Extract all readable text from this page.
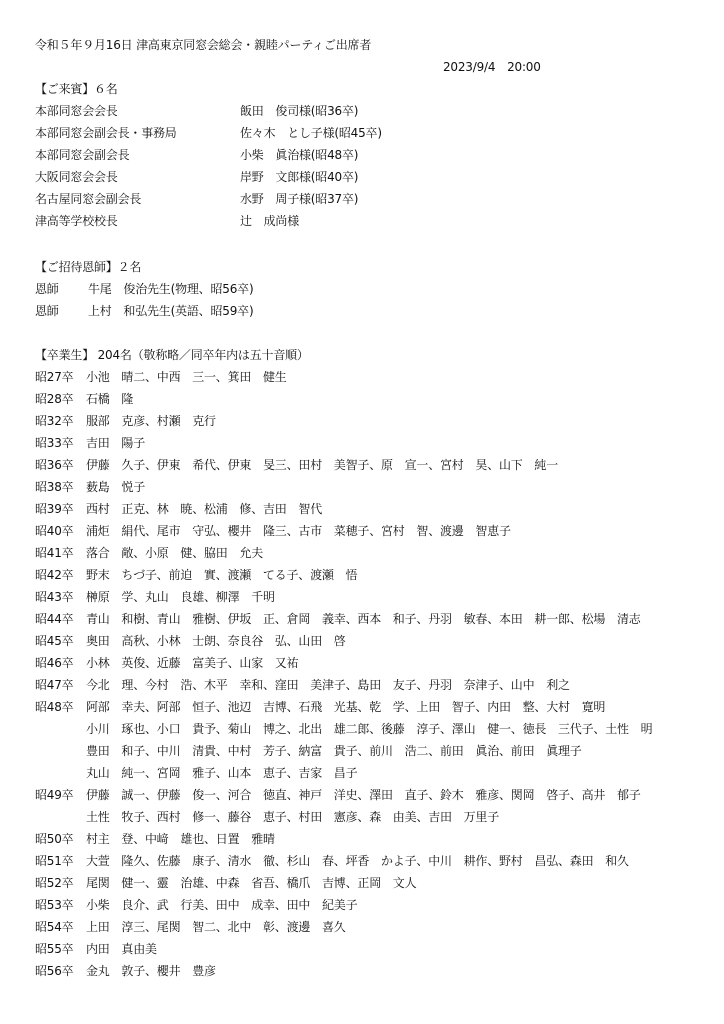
令和５年９月16日 津高東京同窓会総会・親睦パーティご出席者
2023/9/4　20:00
【ご来賓】６名
本部同窓会会長	飯田　俊司様(昭36卒)
本部同窓会副会長・事務局	佐々木　とし子様(昭45卒)
本部同窓会副会長	小柴　眞治様(昭48卒)
大阪同窓会会長	岸野　文郎様(昭40卒)
名古屋同窓会副会長	水野　周子様(昭37卒)
津高等学校校長	辻　成尚様
【ご招待恩師】２名
恩師 牛尾　俊治先生(物理、昭56卒)
恩師 上村　和弘先生(英語、昭59卒)
【卒業生】 204名（敬称略／同卒年内は五十音順）
昭27卒	小池　晴二、中西　三一、箕田　健生
昭28卒	石橋　隆
昭32卒	服部　克彦、村瀬　克行
昭33卒	吉田　陽子
昭36卒	伊藤　久子、伊東　希代、伊東　旻三、田村　美智子、原　宣一、宮村　昊、山下　純一
昭38卒	薮島　悦子
昭39卒	西村　正克、林　暁、松浦　修、吉田　智代
昭40卒	浦炬　絹代、尾市　守弘、櫻井　隆三、古市　菜穂子、宮村　智、渡邊　智恵子
昭41卒	落合　敞、小原　健、脇田　允夫
昭42卒	野末　ちづ子、前迫　實、渡瀬　てる子、渡瀬　悟
昭43卒	榊原　学、丸山　良雄、柳澤　千明
昭44卒	青山　和樹、青山　雅樹、伊坂　正、倉岡　義幸、西本　和子、丹羽　敏春、本田　耕一郎、松場　清志
昭45卒	奥田　高秋、小林　士朗、奈良谷　弘、山田　啓
昭46卒	小林　英俊、近藤　富美子、山家　又祐
昭47卒	今北　理、今村　浩、木平　幸和、窪田　美津子、島田　友子、丹羽　奈津子、山中　利之
昭48卒	阿部　幸夫、阿部　恒子、池辺　吉博、石飛　光基、乾　学、上田　智子、内田　整、大村　寛明
小川　琢也、小口　貴予、菊山　博之、北出　雄二郎、後藤　淳子、澤山　健一、徳長　三代子、土性　明
豊田　和子、中川　清貴、中村　芳子、納富　貴子、前川　浩二、前田　眞治、前田　眞理子
丸山　純一、宮岡　雅子、山本　恵子、吉家　昌子
昭49卒	伊藤　誠一、伊藤　俊一、河合　徳直、神戸　洋史、澤田　直子、鈴木　雅彦、関岡　啓子、高井　郁子
土性　牧子、西村　修一、藤谷　恵子、村田　憲彦、森　由美、吉田　万里子
昭50卒	村主　登、中﨑　雄也、日置　雅晴
昭51卒	大萱　隆久、佐藤　康子、清水　徹、杉山　春、坪香　かよ子、中川　耕作、野村　昌弘、森田　和久
昭52卒	尾関　健一、靈　治雄、中森　省吾、橋爪　吉博、正岡　文人
昭53卒	小柴　良介、武　行美、田中　成幸、田中　紀美子
昭54卒	上田　淳三、尾関　智二、北中　彰、渡邊　喜久
昭55卒	内田　真由美
昭56卒	金丸　敦子、櫻井　豊彦
